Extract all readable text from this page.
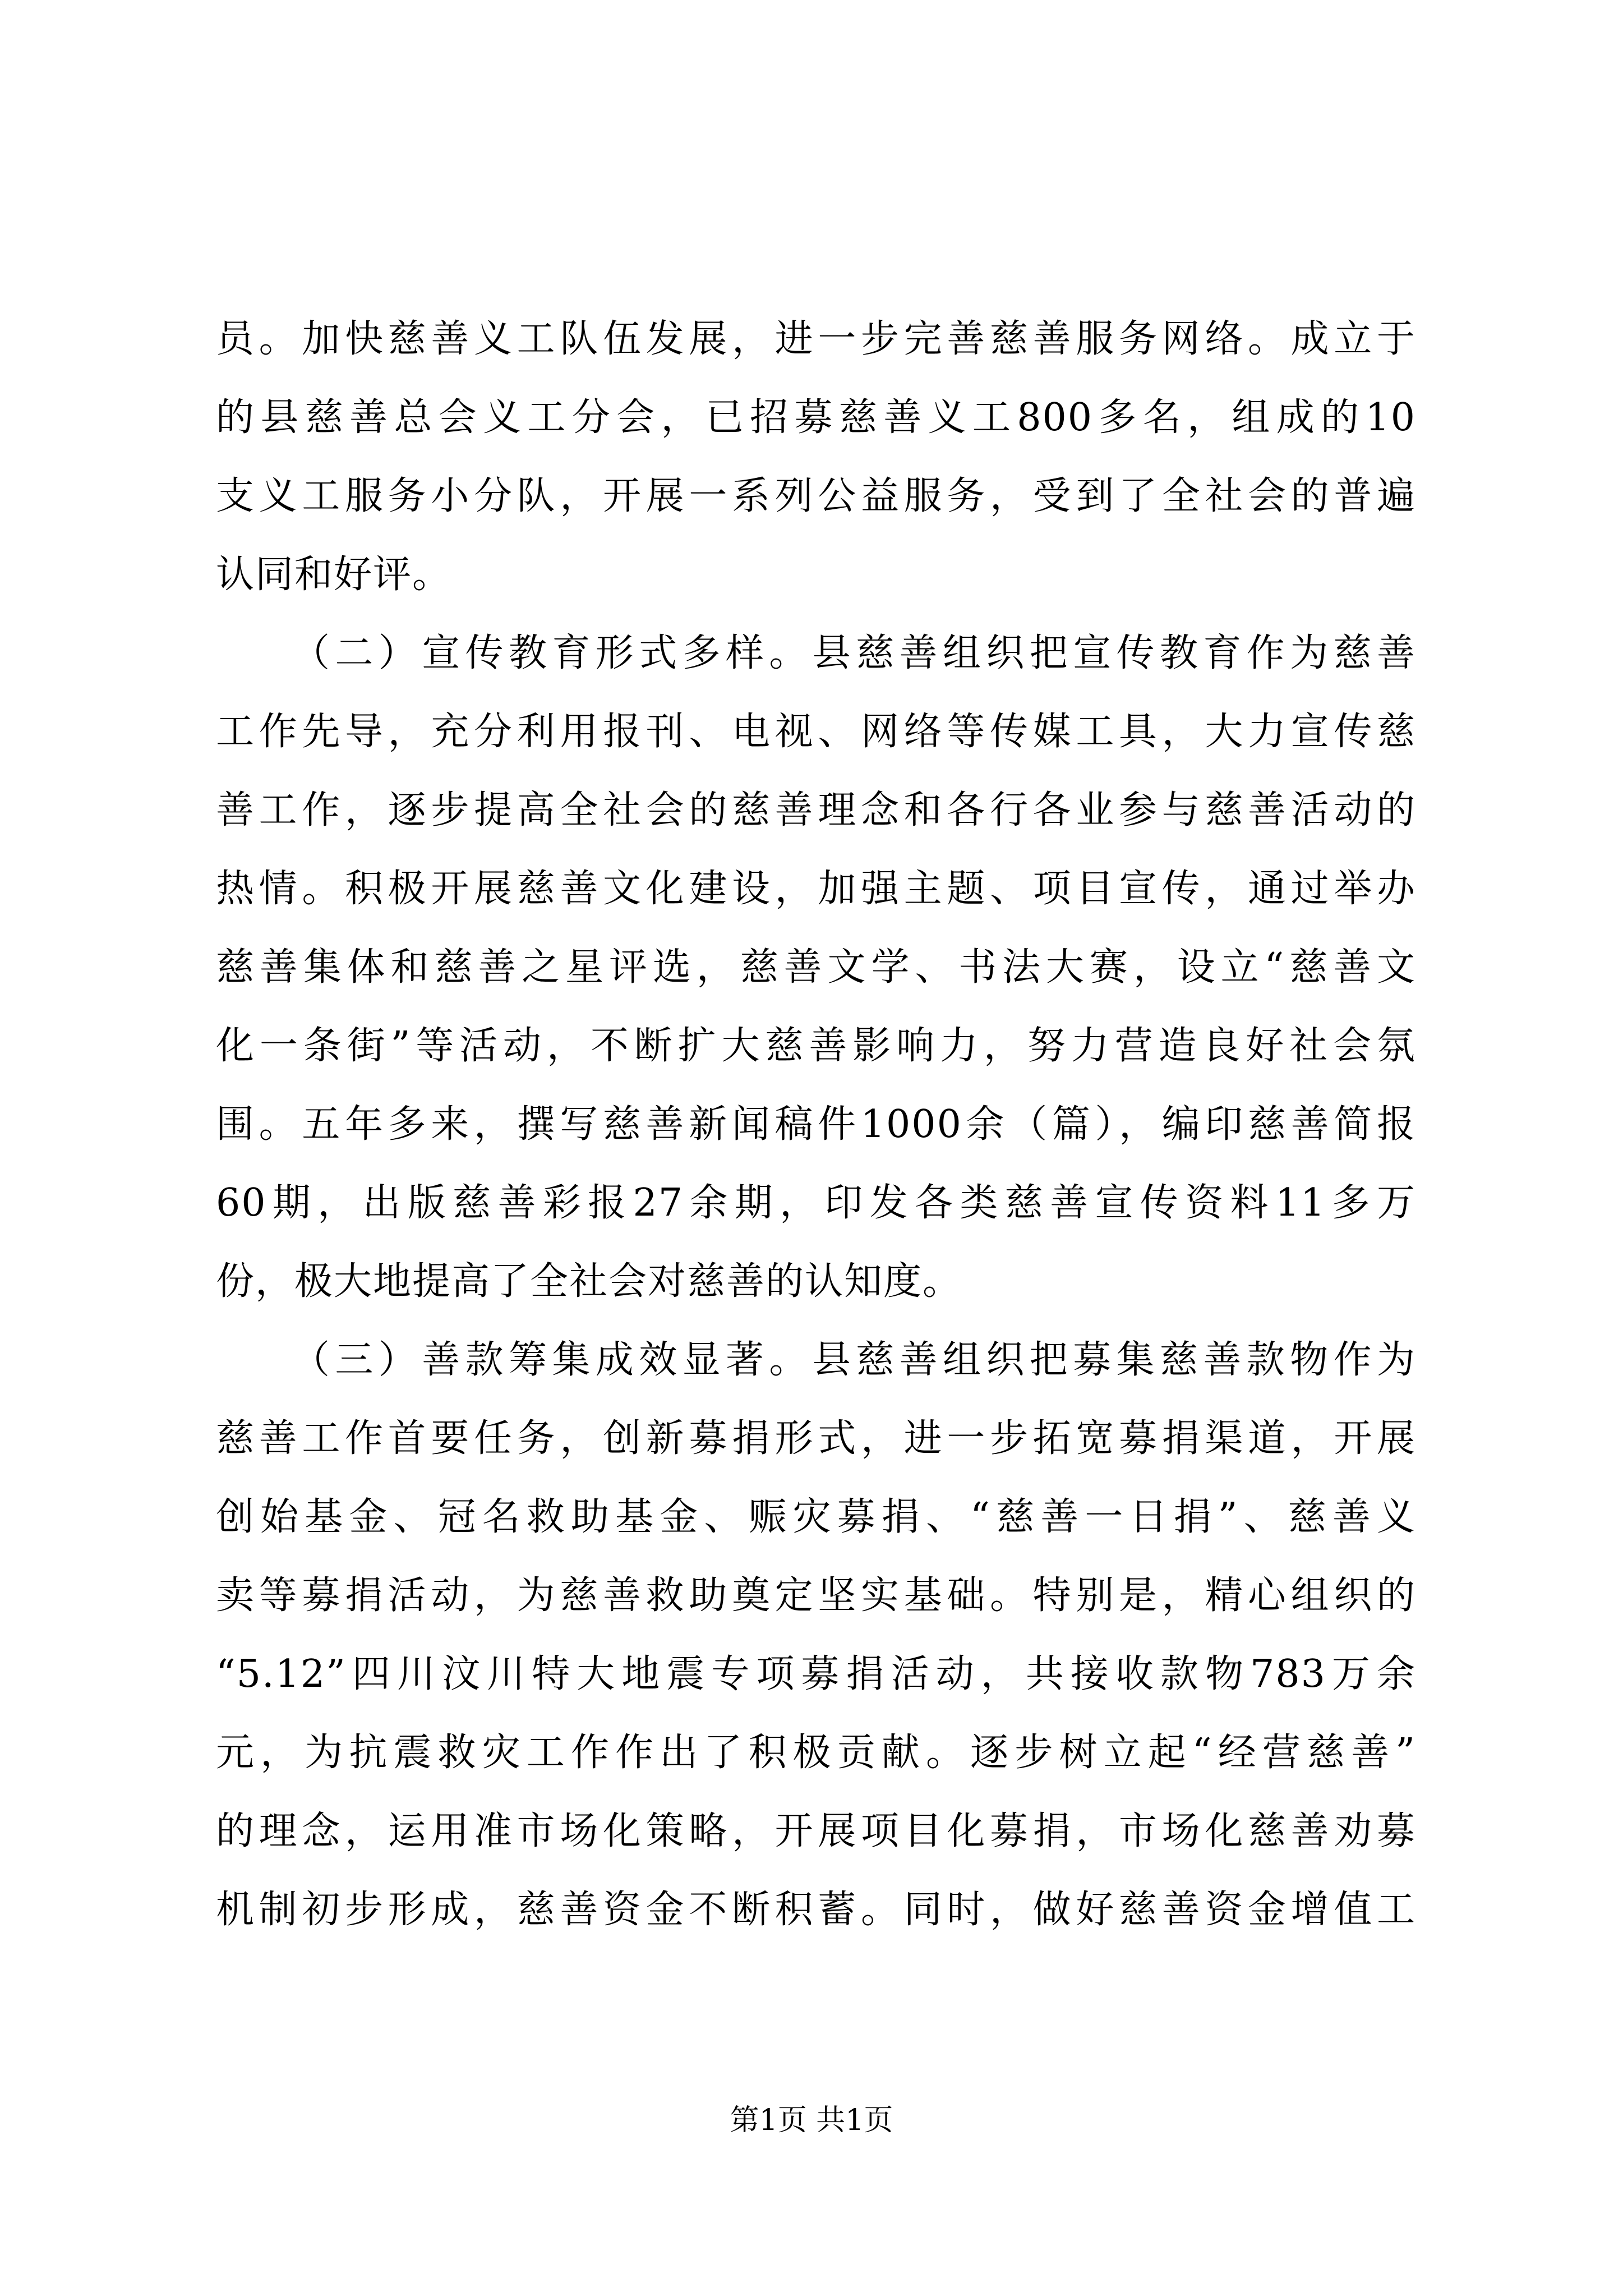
员。加快慈善义工队伍发展，进一步完善慈善服务网络。成立于
的县慈善总会义工分会，已招募慈善义工800多名，组成的10
支义工服务小分队，开展一系列公益服务，受到了全社会的普遍
认同和好评。
（二）宣传教育形式多样。县慈善组织把宣传教育作为慈善
工作先导，充分利用报刊、电视、网络等传媒工具，大力宣传慈
善工作，逐步提高全社会的慈善理念和各行各业参与慈善活动的
热情。积极开展慈善文化建设，加强主题、项目宣传，通过举办
慈善集体和慈善之星评选，慈善文学、书法大赛，设立“慈善文
化一条街”等活动，不断扩大慈善影响力，努力营造良好社会氛
围。五年多来，撰写慈善新闻稿件1000余（篇），编印慈善简报
60期，出版慈善彩报27余期，印发各类慈善宣传资料11多万
份，极大地提高了全社会对慈善的认知度。
（三）善款筹集成效显著。县慈善组织把募集慈善款物作为
慈善工作首要任务，创新募捐形式，进一步拓宽募捐渠道，开展
创始基金、冠名救助基金、赈灾募捐、“慈善一日捐”、慈善义
卖等募捐活动，为慈善救助奠定坚实基础。特别是，精心组织的
“5.12”四川汶川特大地震专项募捐活动，共接收款物783万余
元，为抗震救灾工作作出了积极贡献。逐步树立起“经营慈善”
的理念，运用准市场化策略，开展项目化募捐，市场化慈善劝募
机制初步形成，慈善资金不断积蓄。同时，做好慈善资金增值工
第1页 共1页
